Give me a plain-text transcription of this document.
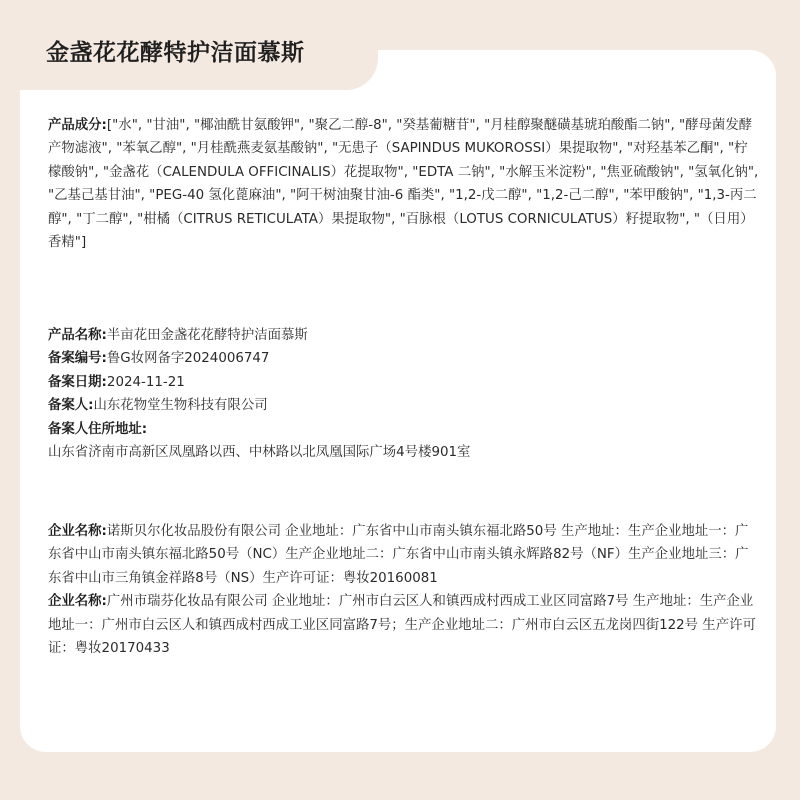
金盏花花酵特护洁面慕斯

产品成分:["水", "甘油", "椰油酰甘氨酸钾", "聚乙二醇-8", "癸基葡糖苷", "月桂醇聚醚磺基琥珀酸酯二钠", "酵母菌发酵产物滤液", "苯氧乙醇", "月桂酰燕麦氨基酸钠", "无患子（SAPINDUS MUKOROSSI）果提取物", "对羟基苯乙酮", "柠檬酸钠", "金盏花（CALENDULA OFFICINALIS）花提取物", "EDTA 二钠", "水解玉米淀粉", "焦亚硫酸钠", "氢氧化钠", "乙基己基甘油", "PEG-40 氢化蓖麻油", "阿干树油聚甘油-6 酯类", "1,2-戊二醇", "1,2-己二醇", "苯甲酸钠", "1,3-丙二醇", "丁二醇", "柑橘（CITRUS RETICULATA）果提取物", "百脉根（LOTUS CORNICULATUS）籽提取物", "（日用）香精"]

产品名称:半亩花田金盏花花酵特护洁面慕斯

备案编号:鲁G妆网备字2024006747

备案日期:2024-11-21

备案人:山东花物堂生物科技有限公司

备案人住所地址:

山东省济南市高新区凤凰路以西、中林路以北凤凰国际广场4号楼901室

企业名称:诺斯贝尔化妆品股份有限公司 企业地址：广东省中山市南头镇东福北路50号 生产地址：生产企业地址一：广东省中山市南头镇东福北路50号（NC）生产企业地址二：广东省中山市南头镇永辉路82号（NF）生产企业地址三：广东省中山市三角镇金祥路8号（NS）生产许可证：粤妆20160081

企业名称:广州市瑞芬化妆品有限公司 企业地址：广州市白云区人和镇西成村西成工业区同富路7号 生产地址：生产企业地址一：广州市白云区人和镇西成村西成工业区同富路7号；生产企业地址二：广州市白云区五龙岗四街122号 生产许可证：粤妆20170433
